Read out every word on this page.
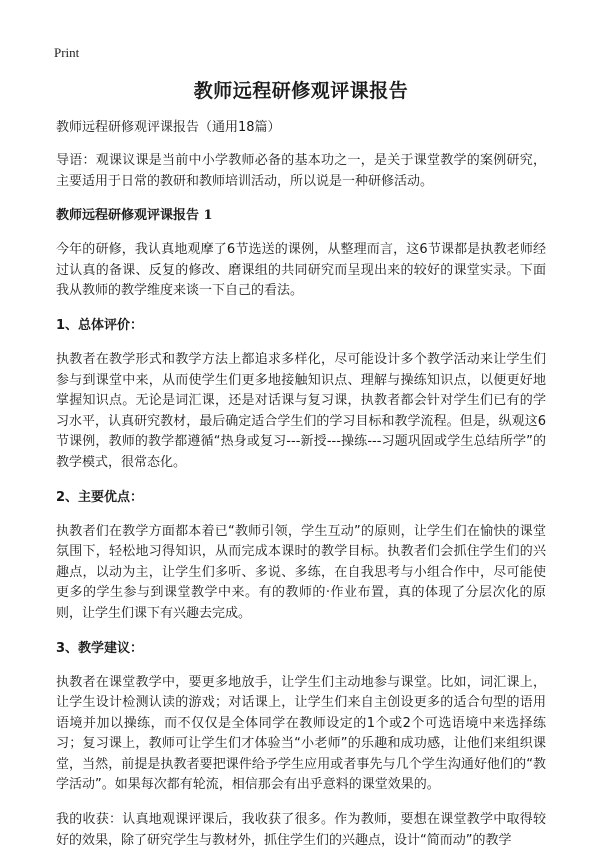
Print
教师远程研修观评课报告
教师远程研修观评课报告（通用18篇）

导语：观课议课是当前中小学教师必备的基本功之一，是关于课堂教学的案例研究，主要适用于日常的教研和教师培训活动，所以说是一种研修活动。

教师远程研修观评课报告 1

今年的研修，我认真地观摩了6节选送的课例，从整理而言，这6节课都是执教老师经过认真的备课、反复的修改、磨课组的共同研究而呈现出来的较好的课堂实录。下面我从教师的教学维度来谈一下自己的看法。

1、总体评价：

执教者在教学形式和教学方法上都追求多样化，尽可能设计多个教学活动来让学生们参与到课堂中来，从而使学生们更多地接触知识点、理解与操练知识点，以便更好地掌握知识点。无论是词汇课，还是对话课与复习课，执教者都会针对学生们已有的学习水平，认真研究教材，最后确定适合学生们的学习目标和教学流程。但是，纵观这6节课例，教师的教学都遵循“热身或复习---新授---操练---习题巩固或学生总结所学”的教学模式，很常态化。

2、主要优点：

执教者们在教学方面都本着已“教师引领，学生互动”的原则，让学生们在愉快的课堂氛围下，轻松地习得知识，从而完成本课时的教学目标。执教者们会抓住学生们的兴趣点，以动为主，让学生们多听、多说、多练，在自我思考与小组合作中，尽可能使更多的学生参与到课堂教学中来。有的教师的·作业布置，真的体现了分层次化的原则，让学生们课下有兴趣去完成。

3、教学建议：

执教者在课堂教学中，要更多地放手，让学生们主动地参与课堂。比如，词汇课上，让学生设计检测认读的游戏；对话课上，让学生们来自主创设更多的适合句型的语用语境并加以操练，而不仅仅是全体同学在教师设定的1个或2个可选语境中来选择练习；复习课上，教师可让学生们才体验当“小老师”的乐趣和成功感，让他们来组织课堂，当然，前提是执教者要把课件给予学生应用或者事先与几个学生沟通好他们的“教学活动”。如果每次都有轮流，相信那会有出乎意料的课堂效果的。

我的收获：认真地观课评课后，我收获了很多。作为教师，要想在课堂教学中取得较好的效果，除了研究学生与教材外，抓住学生们的兴趣点，设计“简而动”的教学
